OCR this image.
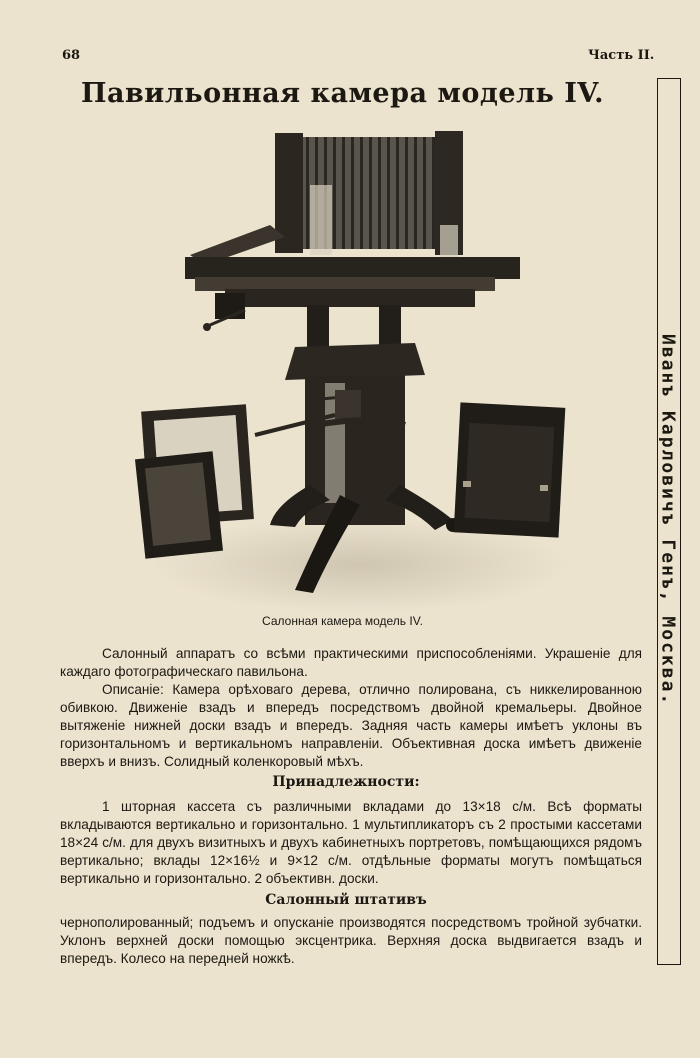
68	Часть II.
Павильонная камера модель IV.
Иванъ Карловичъ Генъ, Москва.
Салонная камера модель IV.

Салонный аппаратъ со всѣми практическими приспособленіями. Украшеніе для каждаго фотографическаго павильона.

Описаніе: Камера орѣховаго дерева, отлично полирована, съ никкелированною обивкою. Движеніе взадъ и впередъ посредствомъ двойной кремальеры. Двойное вытяженіе нижней доски взадъ и впередъ. Задняя часть камеры имѣетъ уклоны въ горизонтальномъ и вертикальномъ направленіи. Объективная доска имѣетъ движеніе вверхъ и внизъ. Солидный коленкоровый мѣхъ.

Принадлежности:

1 шторная кассета съ различными вкладами до 13×18 с/м. Всѣ форматы вкладываются вертикально и горизонтально. 1 мультипликаторъ съ 2 простыми кассетами 18×24 с/м. для двухъ визитныхъ и двухъ кабинетныхъ портретовъ, помѣщающихся рядомъ вертикально; вклады 12×16½ и 9×12 с/м. отдѣльные форматы могутъ помѣщаться вертикально и горизонтально. 2 объективн. доски.

Салонный штативъ

чернополированный; подъемъ и опусканіе производятся посредствомъ тройной зубчатки. Уклонъ верхней доски помощью эксцентрика. Верхняя доска выдвигается взадъ и впередъ. Колесо на передней ножкѣ.
